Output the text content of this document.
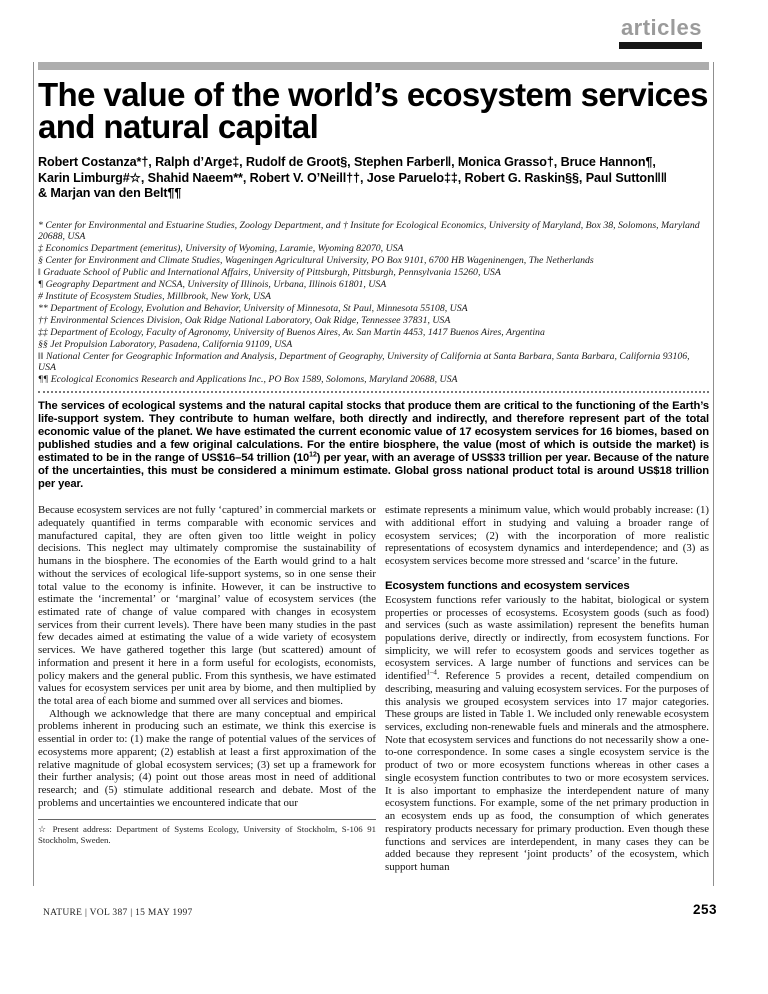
articles
The value of the world’s ecosystem services and natural capital
Robert Costanza*†, Ralph d’Arge‡, Rudolf de Groot§, Stephen Farber‖, Monica Grasso†, Bruce Hannon¶,
Karin Limburg#☆, Shahid Naeem**, Robert V. O’Neill††, Jose Paruelo‡‡, Robert G. Raskin§§, Paul Sutton‖‖
& Marjan van den Belt¶¶
* Center for Environmental and Estuarine Studies, Zoology Department, and † Insitute for Ecological Economics, University of Maryland, Box 38, Solomons, Maryland 20688, USA
‡ Economics Department (emeritus), University of Wyoming, Laramie, Wyoming 82070, USA
§ Center for Environment and Climate Studies, Wageningen Agricultural University, PO Box 9101, 6700 HB Wageninengen, The Netherlands
‖ Graduate School of Public and International Affairs, University of Pittsburgh, Pittsburgh, Pennsylvania 15260, USA
¶ Geography Department and NCSA, University of Illinois, Urbana, Illinois 61801, USA
# Institute of Ecosystem Studies, Millbrook, New York, USA
** Department of Ecology, Evolution and Behavior, University of Minnesota, St Paul, Minnesota 55108, USA
†† Environmental Sciences Division, Oak Ridge National Laboratory, Oak Ridge, Tennessee 37831, USA
‡‡ Department of Ecology, Faculty of Agronomy, University of Buenos Aires, Av. San Martin 4453, 1417 Buenos Aires, Argentina
§§ Jet Propulsion Laboratory, Pasadena, California 91109, USA
‖‖ National Center for Geographic Information and Analysis, Department of Geography, University of California at Santa Barbara, Santa Barbara, California 93106, USA
¶¶ Ecological Economics Research and Applications Inc., PO Box 1589, Solomons, Maryland 20688, USA
The services of ecological systems and the natural capital stocks that produce them are critical to the functioning of the Earth’s life-support system. They contribute to human welfare, both directly and indirectly, and therefore represent part of the total economic value of the planet. We have estimated the current economic value of 17 ecosystem services for 16 biomes, based on published studies and a few original calculations. For the entire biosphere, the value (most of which is outside the market) is estimated to be in the range of US$16–54 trillion $(10^{12})$ per year, with an average of US$33 trillion per year. Because of the nature of the uncertainties, this must be considered a minimum estimate. Global gross national product total is around US$18 trillion per year.

Because ecosystem services are not fully ‘captured’ in commercial markets or adequately quantified in terms comparable with economic services and manufactured capital, they are often given too little weight in policy decisions. This neglect may ultimately compromise the sustainability of humans in the biosphere. The economies of the Earth would grind to a halt without the services of ecological life-support systems, so in one sense their total value to the economy is infinite. However, it can be instructive to estimate the ‘incremental’ or ‘marginal’ value of ecosystem services (the estimated rate of change of value compared with changes in ecosystem services from their current levels). There have been many studies in the past few decades aimed at estimating the value of a wide variety of ecosystem services. We have gathered together this large (but scattered) amount of information and present it here in a form useful for ecologists, economists, policy makers and the general public. From this synthesis, we have estimated values for ecosystem services per unit area by biome, and then multiplied by the total area of each biome and summed over all services and biomes.

Although we acknowledge that there are many conceptual and empirical problems inherent in producing such an estimate, we think this exercise is essential in order to: (1) make the range of potential values of the services of ecosystems more apparent; (2) establish at least a first approximation of the relative magnitude of global ecosystem services; (3) set up a framework for their further analysis; (4) point out those areas most in need of additional research; and (5) stimulate additional research and debate. Most of the problems and uncertainties we encountered indicate that our

☆ Present address: Department of Systems Ecology, University of Stockholm, S-106 91 Stockholm, Sweden.

estimate represents a minimum value, which would probably increase: (1) with additional effort in studying and valuing a broader range of ecosystem services; (2) with the incorporation of more realistic representations of ecosystem dynamics and interdependence; and (3) as ecosystem services become more stressed and ‘scarce’ in the future.

Ecosystem functions and ecosystem services

Ecosystem functions refer variously to the habitat, biological or system properties or processes of ecosystems. Ecosystem goods (such as food) and services (such as waste assimilation) represent the benefits human populations derive, directly or indirectly, from ecosystem functions. For simplicity, we will refer to ecosystem goods and services together as ecosystem services. A large number of functions and services can be identified$^{1-4}$. Reference 5 provides a recent, detailed compendium on describing, measuring and valuing ecosystem services. For the purposes of this analysis we grouped ecosystem services into 17 major categories. These groups are listed in Table 1. We included only renewable ecosystem services, excluding non-renewable fuels and minerals and the atmosphere. Note that ecosystem services and functions do not necessarily show a one-to-one correspondence. In some cases a single ecosystem service is the product of two or more ecosystem functions whereas in other cases a single ecosystem function contributes to two or more ecosystem services. It is also important to emphasize the interdependent nature of many ecosystem functions. For example, some of the net primary production in an ecosystem ends up as food, the consumption of which generates respiratory products necessary for primary production. Even though these functions and services are interdependent, in many cases they can be added because they represent ‘joint products’ of the ecosystem, which support human

NATURE | VOL 387 | 15 MAY 1997	253
